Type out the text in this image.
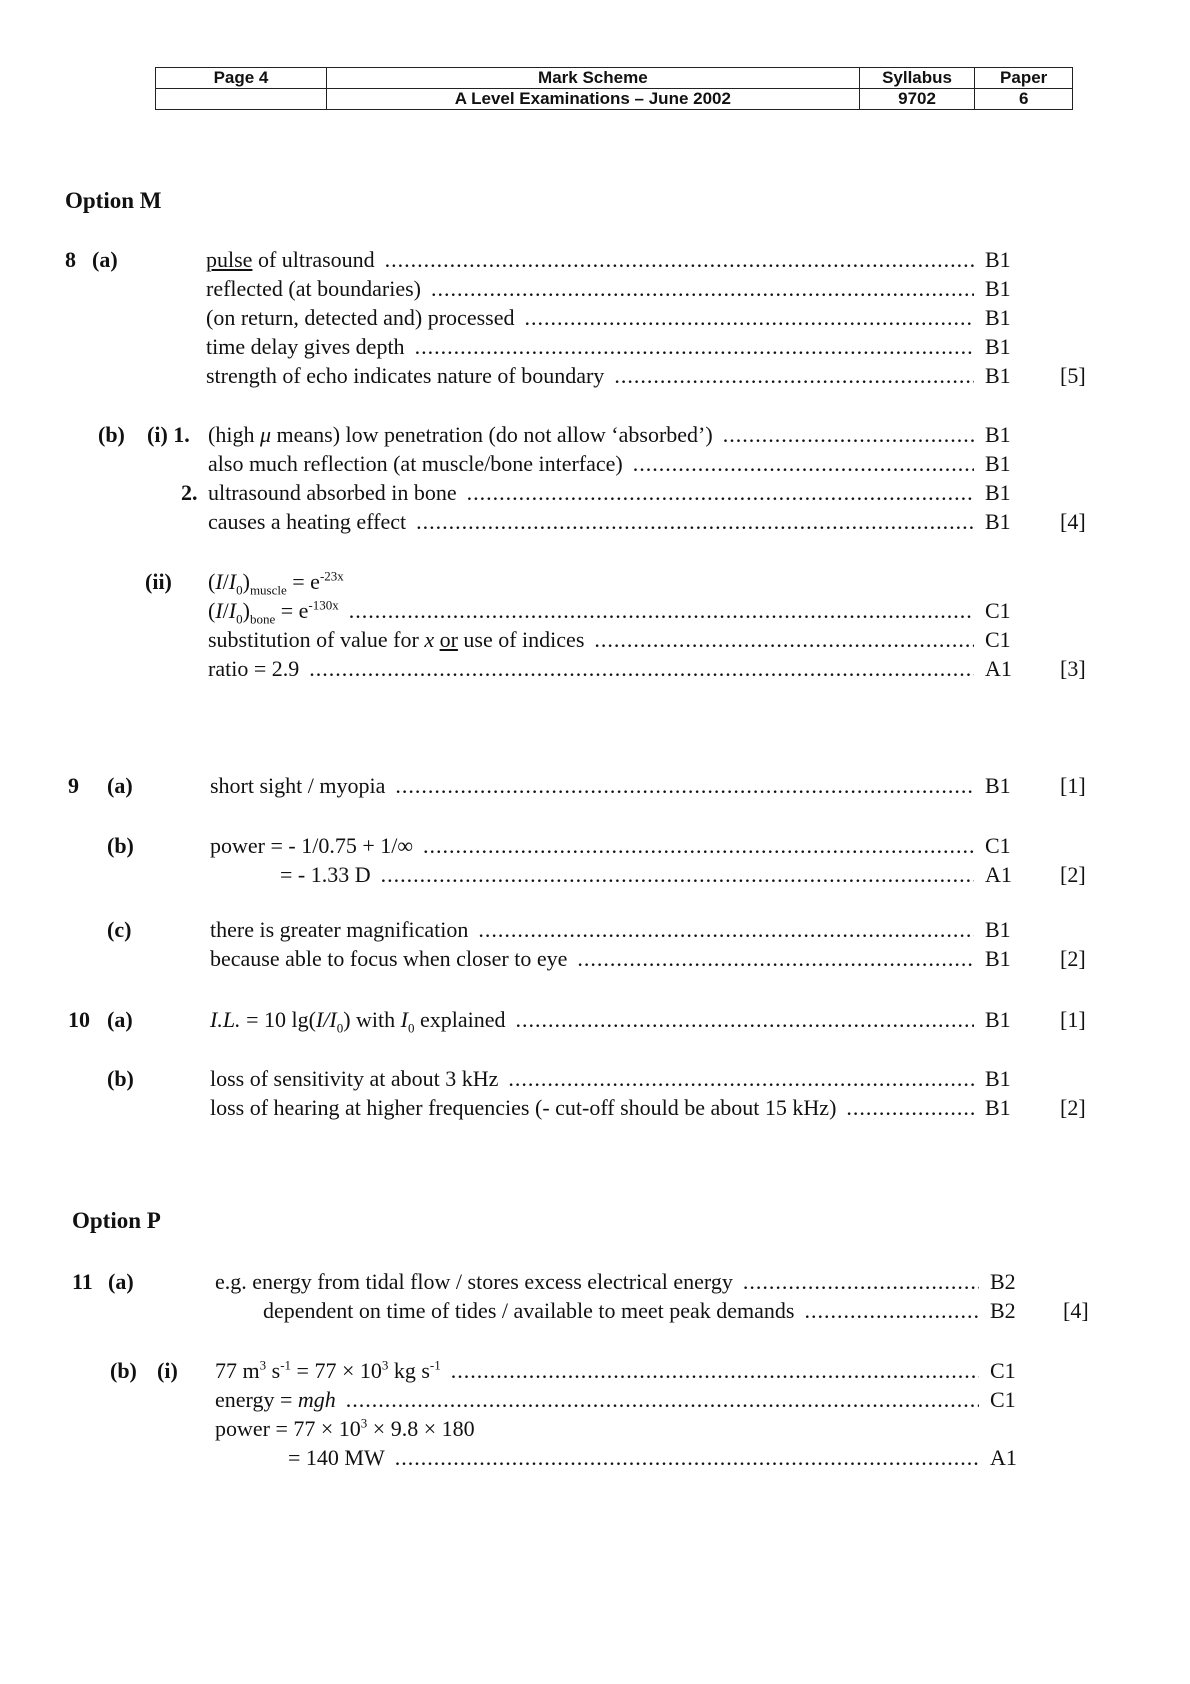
Page 4	Mark Scheme	Syllabus	Paper
	A Level Examinations – June 2002	9702	6
Option M
8 (a)	pulse of ultrasound .....	B1
reflected (at boundaries) .....	B1
(on return, detected and) processed .....	B1
time delay gives depth .....	B1
strength of echo indicates nature of boundary .....	B1 [5]
(b) (i) 1. (high μ means) low penetration (do not allow ‘absorbed’) .....	B1
also much reflection (at muscle/bone interface) .....	B1
2. ultrasound absorbed in bone .....	B1
causes a heating effect .....	B1 [4]
(ii) $(I/I_0)_{muscle} = e^{-23x}$
$(I/I_0)_{bone} = e^{-130x}$ .....	C1
substitution of value for x or use of indices .....	C1
ratio = 2.9 .....	A1 [3]
9 (a)	short sight / myopia .....	B1 [1]
(b)	power = - 1/0.75 + 1/∞ .....	C1
= - 1.33 D .....	A1 [2]
(c)	there is greater magnification .....	B1
because able to focus when closer to eye .....	B1 [2]
10 (a)	I.L. = 10 $\lg(I/I_0)$ with $I_0$ explained .....	B1 [1]
(b)	loss of sensitivity at about 3 kHz .....	B1
loss of hearing at higher frequencies (- cut-off should be about 15 kHz) .....	B1 [2]
Option P
11 (a)	e.g. energy from tidal flow / stores excess electrical energy .....	B2
dependent on time of tides / available to meet peak demands .....	B2 [4]
(b) (i) 77 $m^3$ $s^{-1} = 77 \times 10^3$ kg $s^{-1}$ .....	C1
energy = mgh .....	C1
power = $77 \times 10^3 \times 9.8 \times 180$
= 140 MW .....	A1
